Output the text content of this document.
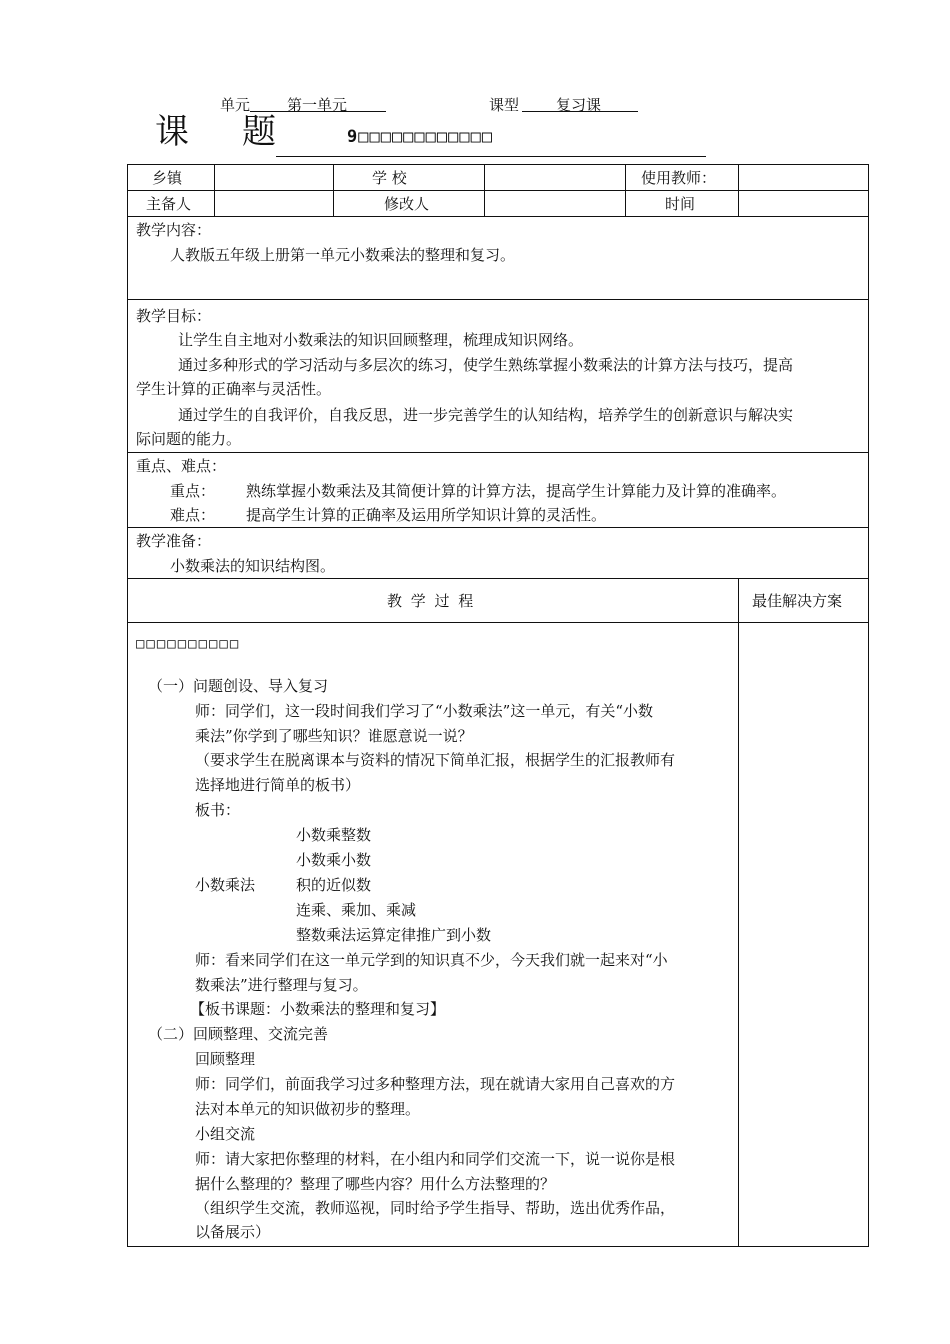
单元 第一单元	课型 复习课
课 题	9□□□□□□□□□□□□
乡镇	学 校	使用教师：
主备人	修改人	时间
教学内容：
人教版五年级上册第一单元小数乘法的整理和复习。
教学目标：
让学生自主地对小数乘法的知识回顾整理，梳理成知识网络。
通过多种形式的学习活动与多层次的练习，使学生熟练掌握小数乘法的计算方法与技巧，提高
学生计算的正确率与灵活性。
通过学生的自我评价，自我反思，进一步完善学生的认知结构，培养学生的创新意识与解决实
际问题的能力。
重点、难点：
重点： 熟练掌握小数乘法及其简便计算的计算方法，提高学生计算能力及计算的准确率。
难点： 提高学生计算的正确率及运用所学知识计算的灵活性。
教学准备：
小数乘法的知识结构图。
教 学 过 程	最佳解决方案
□□□□□□□□□□
（一）问题创设、导入复习
师：同学们，这一段时间我们学习了“小数乘法”这一单元，有关“小数
乘法”你学到了哪些知识？谁愿意说一说？
（要求学生在脱离课本与资料的情况下简单汇报，根据学生的汇报教师有
选择地进行简单的板书）
板书：
小数乘整数
小数乘小数
小数乘法	积的近似数
连乘、乘加、乘减
整数乘法运算定律推广到小数
师：看来同学们在这一单元学到的知识真不少，今天我们就一起来对“小
数乘法”进行整理与复习。
【板书课题：小数乘法的整理和复习】
（二）回顾整理、交流完善
回顾整理
师：同学们，前面我学习过多种整理方法，现在就请大家用自己喜欢的方
法对本单元的知识做初步的整理。
小组交流
师：请大家把你整理的材料，在小组内和同学们交流一下，说一说你是根
据什么整理的？整理了哪些内容？用什么方法整理的？
（组织学生交流，教师巡视，同时给予学生指导、帮助，选出优秀作品，
以备展示）
